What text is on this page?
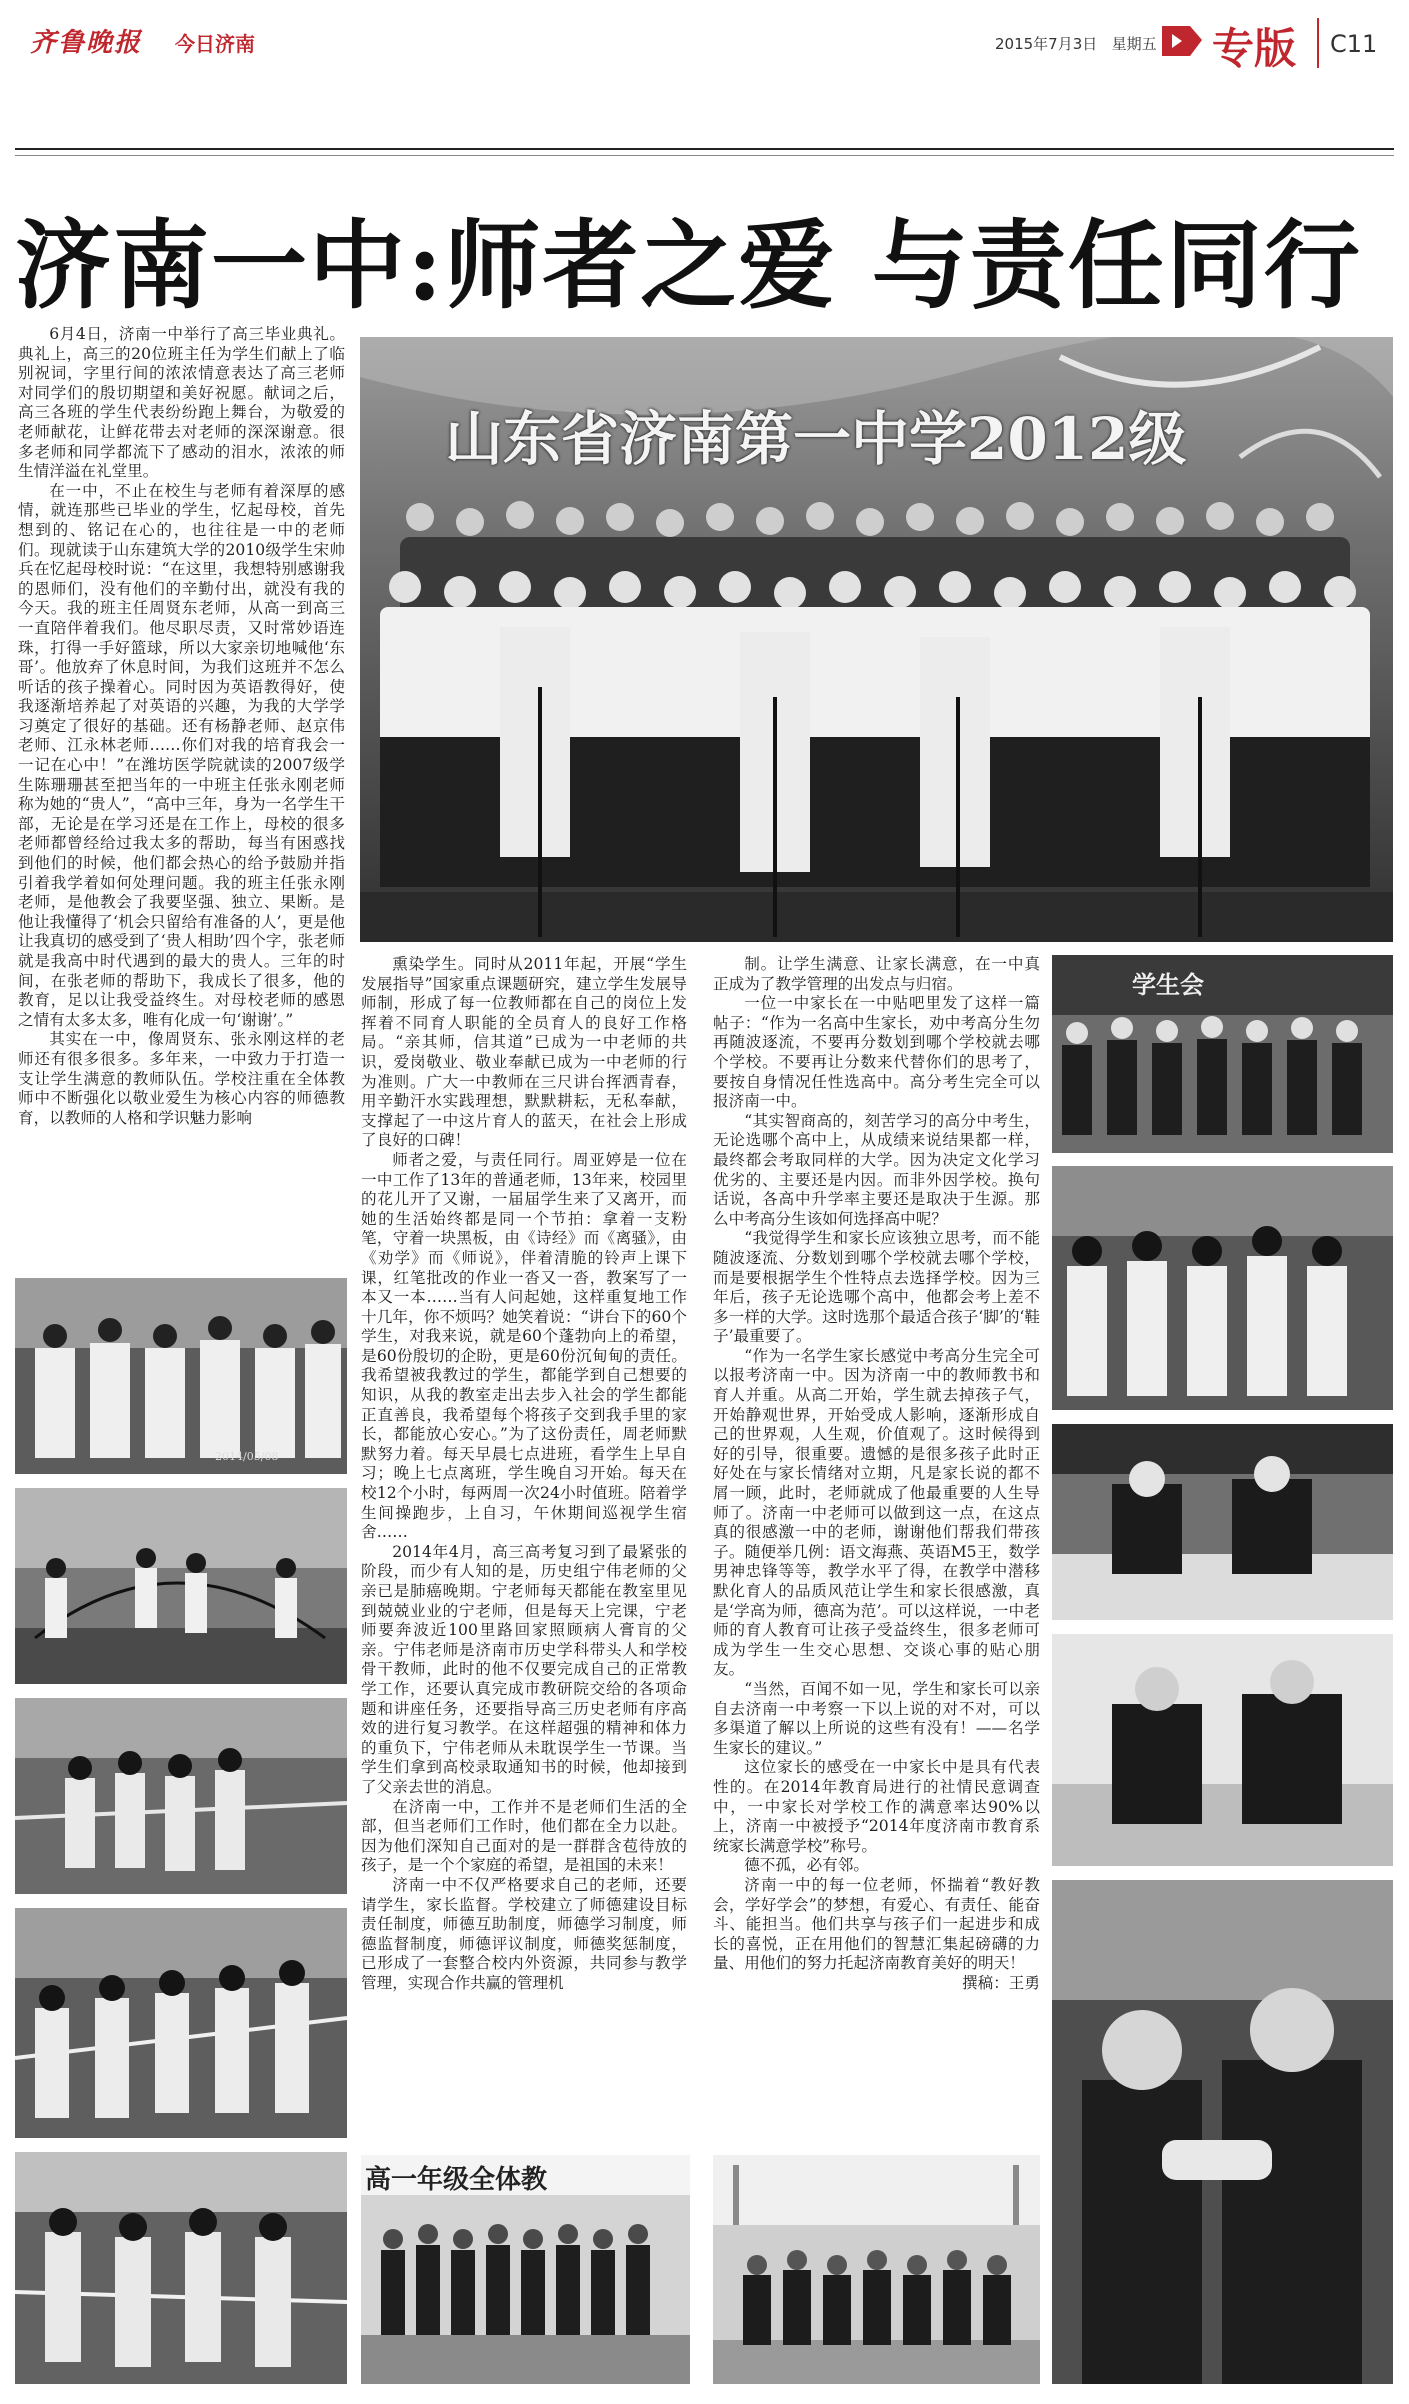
齐鲁晚报 今日济南	2015年7月3日 星期五 专版 C11
济南一中:师者之爱 与责任同行
山东省济南第一中学2012级

6月4日，济南一中举行了高三毕业典礼。典礼上，高三的20位班主任为学生们献上了临别祝词，字里行间的浓浓情意表达了高三老师对同学们的殷切期望和美好祝愿。献词之后，高三各班的学生代表纷纷跑上舞台，为敬爱的老师献花，让鲜花带去对老师的深深谢意。很多老师和同学都流下了感动的泪水，浓浓的师生情洋溢在礼堂里。

在一中，不止在校生与老师有着深厚的感情，就连那些已毕业的学生，忆起母校，首先想到的、铭记在心的，也往往是一中的老师们。现就读于山东建筑大学的2010级学生宋帅兵在忆起母校时说：“在这里，我想特别感谢我的恩师们，没有他们的辛勤付出，就没有我的今天。我的班主任周贤东老师，从高一到高三一直陪伴着我们。他尽职尽责，又时常妙语连珠，打得一手好篮球，所以大家亲切地喊他‘东哥’。他放弃了休息时间，为我们这班并不怎么听话的孩子操着心。同时因为英语教得好，使我逐渐培养起了对英语的兴趣，为我的大学学习奠定了很好的基础。还有杨静老师、赵京伟老师、江永林老师……你们对我的培育我会一一记在心中！”在潍坊医学院就读的2007级学生陈珊珊甚至把当年的一中班主任张永刚老师称为她的“贵人”，“高中三年，身为一名学生干部，无论是在学习还是在工作上，母校的很多老师都曾经给过我太多的帮助，每当有困惑找到他们的时候，他们都会热心的给予鼓励并指引着我学着如何处理问题。我的班主任张永刚老师，是他教会了我要坚强、独立、果断。是他让我懂得了‘机会只留给有准备的人’，更是他让我真切的感受到了‘贵人相助’四个字，张老师就是我高中时代遇到的最大的贵人。三年的时间，在张老师的帮助下，我成长了很多，他的教育，足以让我受益终生。对母校老师的感恩之情有太多太多，唯有化成一句‘谢谢’。”

其实在一中，像周贤东、张永刚这样的老师还有很多很多。多年来，一中致力于打造一支让学生满意的教师队伍。学校注重在全体教师中不断强化以敬业爱生为核心内容的师德教育，以教师的人格和学识魅力影响

熏染学生。同时从2011年起，开展“学生发展指导”国家重点课题研究，建立学生发展导师制，形成了每一位教师都在自己的岗位上发挥着不同育人职能的全员育人的良好工作格局。“亲其师，信其道”已成为一中老师的共识，爱岗敬业、敬业奉献已成为一中老师的行为准则。广大一中教师在三尺讲台挥洒青春，用辛勤汗水实践理想，默默耕耘，无私奉献，支撑起了一中这片育人的蓝天，在社会上形成了良好的口碑！

师者之爱，与责任同行。周亚婷是一位在一中工作了13年的普通老师，13年来，校园里的花儿开了又谢，一届届学生来了又离开，而她的生活始终都是同一个节拍：拿着一支粉笔，守着一块黑板，由《诗经》而《离骚》，由《劝学》而《师说》，伴着清脆的铃声上课下课，红笔批改的作业一沓又一沓，教案写了一本又一本……当有人问起她，这样重复地工作十几年，你不烦吗？她笑着说：“讲台下的60个学生，对我来说，就是60个蓬勃向上的希望，是60份殷切的企盼，更是60份沉甸甸的责任。我希望被我教过的学生，都能学到自己想要的知识，从我的教室走出去步入社会的学生都能正直善良，我希望每个将孩子交到我手里的家长，都能放心安心。”为了这份责任，周老师默默努力着。每天早晨七点进班，看学生上早自习；晚上七点离班，学生晚自习开始。每天在校12个小时，每两周一次24小时值班。陪着学生间操跑步，上自习，午休期间巡视学生宿舍……

2014年4月，高三高考复习到了最紧张的阶段，而少有人知的是，历史组宁伟老师的父亲已是肺癌晚期。宁老师每天都能在教室里见到兢兢业业的宁老师，但是每天上完课，宁老师要奔波近100里路回家照顾病人膏肓的父亲。宁伟老师是济南市历史学科带头人和学校骨干教师，此时的他不仅要完成自己的正常教学工作，还要认真完成市教研院交给的各项命题和讲座任务，还要指导高三历史老师有序高效的进行复习教学。在这样超强的精神和体力的重负下，宁伟老师从未耽误学生一节课。当学生们拿到高校录取通知书的时候，他却接到了父亲去世的消息。

在济南一中，工作并不是老师们生活的全部，但当老师们工作时，他们都在全力以赴。因为他们深知自己面对的是一群群含苞待放的孩子，是一个个家庭的希望，是祖国的未来！

济南一中不仅严格要求自己的老师，还要请学生，家长监督。学校建立了师德建设目标责任制度，师德互助制度，师德学习制度，师德监督制度，师德评议制度，师德奖惩制度，已形成了一套整合校内外资源，共同参与教学管理，实现合作共赢的管理机

制。让学生满意、让家长满意，在一中真正成为了教学管理的出发点与归宿。

一位一中家长在一中贴吧里发了这样一篇帖子：“作为一名高中生家长，劝中考高分生勿再随波逐流，不要再分数划到哪个学校就去哪个学校。不要再让分数来代替你们的思考了，要按自身情况任性选高中。高分考生完全可以报济南一中。

“其实智商高的，刻苦学习的高分中考生，无论选哪个高中上，从成绩来说结果都一样，最终都会考取同样的大学。因为决定文化学习优劣的、主要还是内因。而非外因学校。换句话说，各高中升学率主要还是取决于生源。那么中考高分生该如何选择高中呢？

“我觉得学生和家长应该独立思考，而不能随波逐流、分数划到哪个学校就去哪个学校，而是要根据学生个性特点去选择学校。因为三年后，孩子无论选哪个高中，他都会考上差不多一样的大学。这时选那个最适合孩子‘脚’的‘鞋子’最重要了。

“作为一名学生家长感觉中考高分生完全可以报考济南一中。因为济南一中的教师教书和育人并重。从高二开始，学生就去掉孩子气，开始静观世界，开始受成人影响，逐渐形成自己的世界观，人生观，价值观了。这时候得到好的引导，很重要。遗憾的是很多孩子此时正好处在与家长情绪对立期，凡是家长说的都不屑一顾，此时，老师就成了他最重要的人生导师了。济南一中老师可以做到这一点，在这点真的很感激一中的老师，谢谢他们帮我们带孩子。随便举几例：语文海燕、英语M5王，数学男神忠锋等等，教学水平了得，在教学中潜移默化育人的品质风范让学生和家长很感激，真是‘学高为师，德高为范’。可以这样说，一中老师的育人教育可让孩子受益终生，很多老师可成为学生一生交心思想、交谈心事的贴心朋友。

“当然，百闻不如一见，学生和家长可以亲自去济南一中考察一下以上说的对不对，可以多渠道了解以上所说的这些有没有！——名学生家长的建议。”

这位家长的感受在一中家长中是具有代表性的。在2014年教育局进行的社情民意调查中，一中家长对学校工作的满意率达90%以上，济南一中被授予“2014年度济南市教育系统家长满意学校”称号。

德不孤，必有邻。

济南一中的每一位老师，怀揣着“教好教会，学好学会”的梦想，有爱心、有责任、能奋斗、能担当。他们共享与孩子们一起进步和成长的喜悦，正在用他们的智慧汇集起磅礴的力量、用他们的努力托起济南教育美好的明天！

撰稿：王勇

2014/05/08
学生会
高一年级全体教
